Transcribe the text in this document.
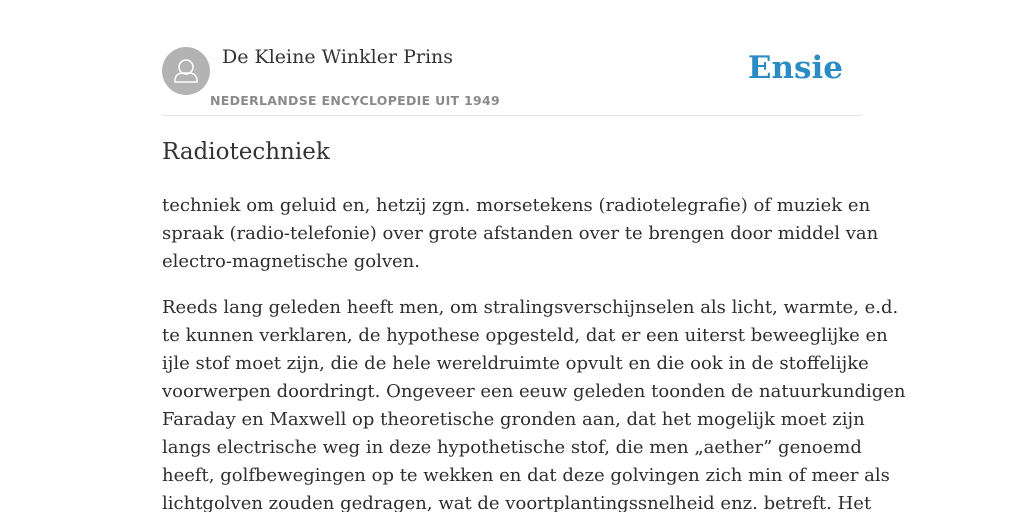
De Kleine Winkler Prins
NEDERLANDSE ENCYCLOPEDIE UIT 1949
Ensie
Radiotechniek

techniek om geluid en, hetzij zgn. morsetekens (radiotelegrafie) of muziek en
spraak (radio-telefonie) over grote afstanden over te brengen door middel van
electro-magnetische golven.

Reeds lang geleden heeft men, om stralingsverschijnselen als licht, warmte, e.d.
te kunnen verklaren, de hypothese opgesteld, dat er een uiterst beweeglijke en
ijle stof moet zijn, die de hele wereldruimte opvult en die ook in de stoffelijke
voorwerpen doordringt. Ongeveer een eeuw geleden toonden de natuurkundigen
Faraday en Maxwell op theoretische gronden aan, dat het mogelijk moet zijn
langs electrische weg in deze hypothetische stof, die men „aether” genoemd
heeft, golfbewegingen op te wekken en dat deze golvingen zich min of meer als
lichtgolven zouden gedragen, wat de voortplantingssnelheid enz. betreft. Het
